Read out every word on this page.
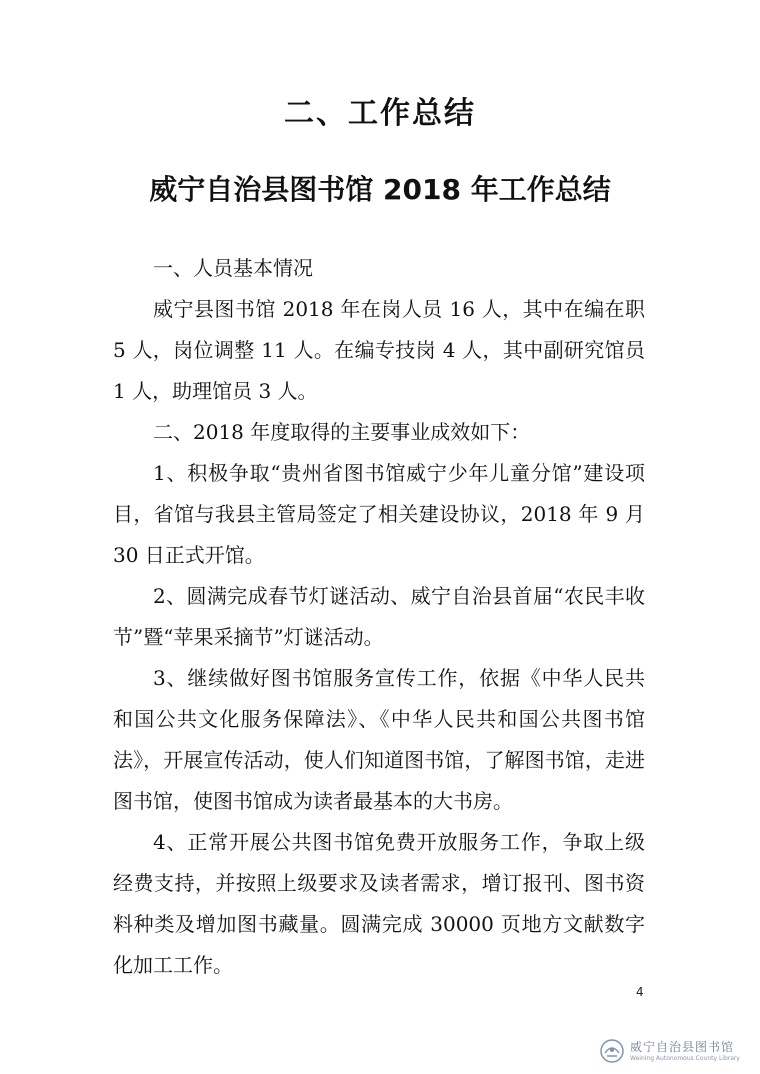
二、工作总结
威宁自治县图书馆 2018 年工作总结

一、人员基本情况

威宁县图书馆 2018 年在岗人员 16 人，其中在编在职 5 人，岗位调整 11 人。在编专技岗 4 人，其中副研究馆员 1 人，助理馆员 3 人。

二、2018 年度取得的主要事业成效如下：

1、积极争取“贵州省图书馆威宁少年儿童分馆”建设项目，省馆与我县主管局签定了相关建设协议，2018 年 9 月 30 日正式开馆。

2、圆满完成春节灯谜活动、威宁自治县首届“农民丰收节”暨“苹果采摘节”灯谜活动。

3、继续做好图书馆服务宣传工作，依据《中华人民共和国公共文化服务保障法》、《中华人民共和国公共图书馆法》，开展宣传活动，使人们知道图书馆，了解图书馆，走进图书馆，使图书馆成为读者最基本的大书房。

4、正常开展公共图书馆免费开放服务工作，争取上级经费支持，并按照上级要求及读者需求，增订报刊、图书资料种类及增加图书藏量。圆满完成 30000 页地方文献数字化加工工作。

4
威宁自治县图书馆
Weining Autonomous County Library
